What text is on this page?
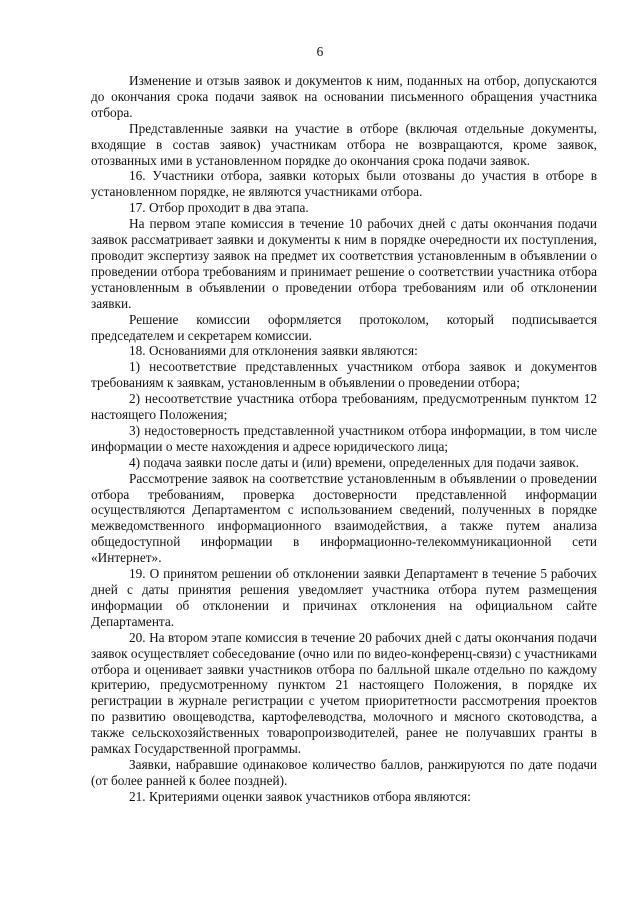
6

Изменение и отзыв заявок и документов к ним, поданных на отбор, допускаются до окончания срока подачи заявок на основании письменного обращения участника отбора.

Представленные заявки на участие в отборе (включая отдельные документы, входящие в состав заявок) участникам отбора не возвращаются, кроме заявок, отозванных ими в установленном порядке до окончания срока подачи заявок.

16. Участники отбора, заявки которых были отозваны до участия в отборе в установленном порядке, не являются участниками отбора.

17. Отбор проходит в два этапа.

На первом этапе комиссия в течение 10 рабочих дней с даты окончания подачи заявок рассматривает заявки и документы к ним в порядке очередности их поступления, проводит экспертизу заявок на предмет их соответствия установленным в объявлении о проведении отбора требованиям и принимает решение о соответствии участника отбора установленным в объявлении о проведении отбора требованиям или об отклонении заявки.

Решение комиссии оформляется протоколом, который подписывается председателем и секретарем комиссии.

18. Основаниями для отклонения заявки являются:

1) несоответствие представленных участником отбора заявок и документов требованиям к заявкам, установленным в объявлении о проведении отбора;

2) несоответствие участника отбора требованиям, предусмотренным пунктом 12 настоящего Положения;

3) недостоверность представленной участником отбора информации, в том числе информации о месте нахождения и адресе юридического лица;

4) подача заявки после даты и (или) времени, определенных для подачи заявок.

Рассмотрение заявок на соответствие установленным в объявлении о проведении отбора требованиям, проверка достоверности представленной информации осуществляются Департаментом с использованием сведений, полученных в порядке межведомственного информационного взаимодействия, а также путем анализа общедоступной информации в информационно-телекоммуникационной сети «Интернет».

19. О принятом решении об отклонении заявки Департамент в течение 5 рабочих дней с даты принятия решения уведомляет участника отбора путем размещения информации об отклонении и причинах отклонения на официальном сайте Департамента.

20. На втором этапе комиссия в течение 20 рабочих дней с даты окончания подачи заявок осуществляет собеседование (очно или по видео-конференц-связи) с участниками отбора и оценивает заявки участников отбора по балльной шкале отдельно по каждому критерию, предусмотренному пунктом 21 настоящего Положения, в порядке их регистрации в журнале регистрации с учетом приоритетности рассмотрения проектов по развитию овощеводства, картофелеводства, молочного и мясного скотоводства, а также сельскохозяйственных товаропроизводителей, ранее не получавших гранты в рамках Государственной программы.

Заявки, набравшие одинаковое количество баллов, ранжируются по дате подачи (от более ранней к более поздней).

21. Критериями оценки заявок участников отбора являются:
